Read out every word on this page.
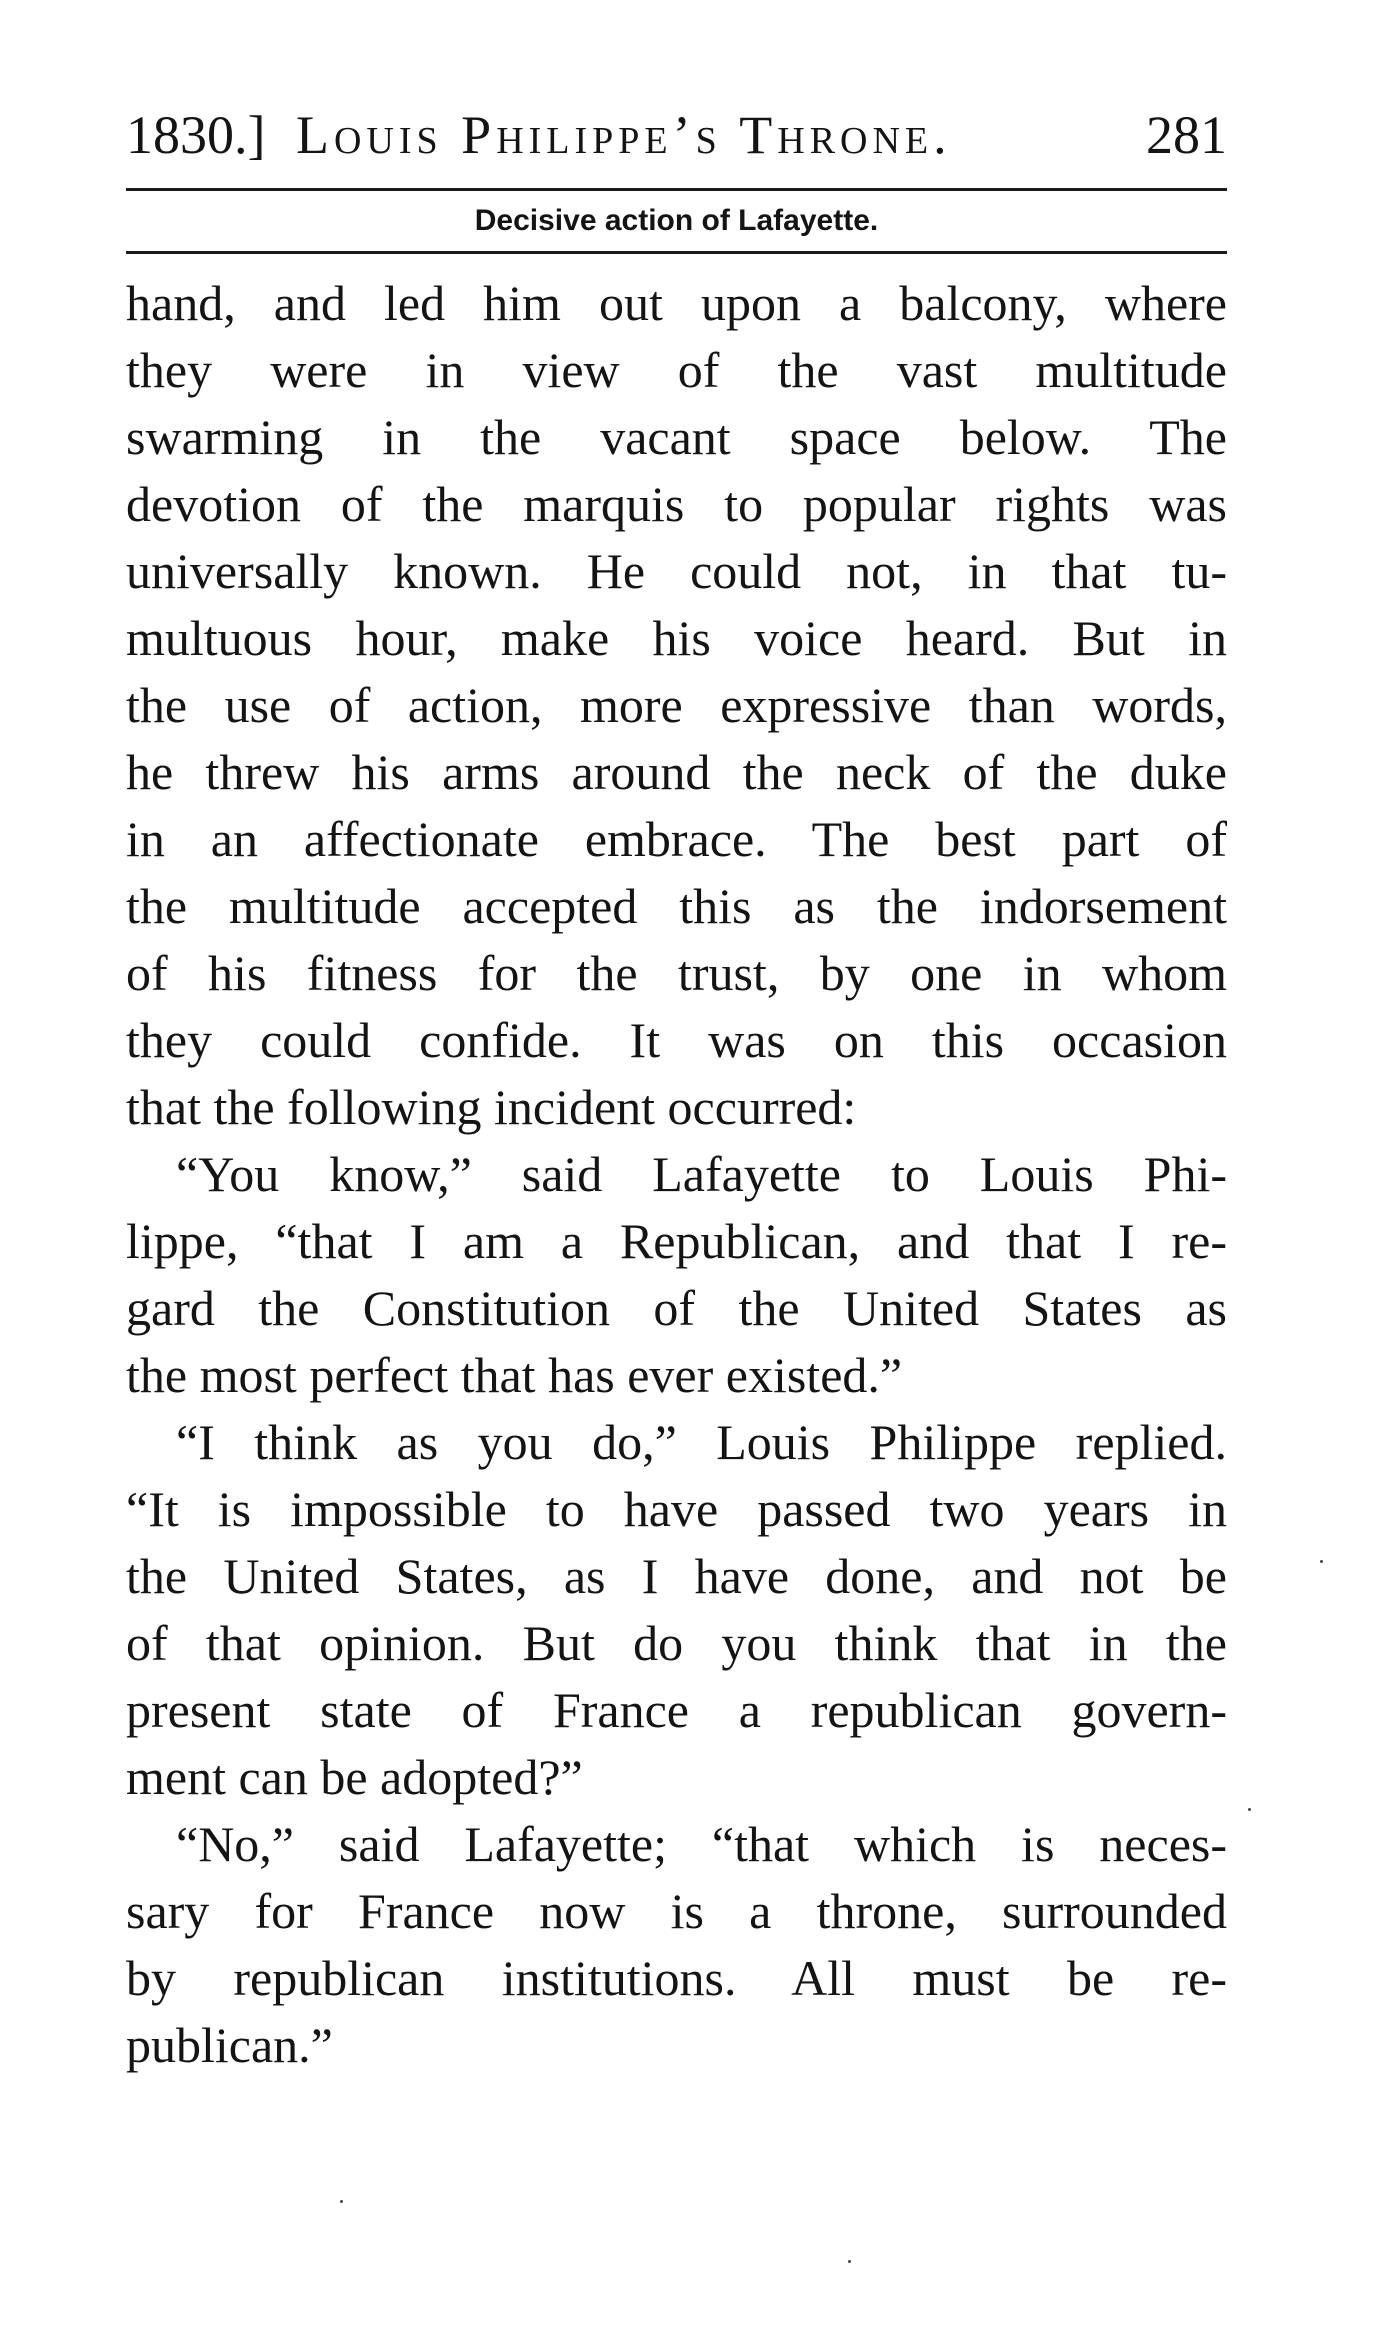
1830.] Louis Philippe’s Throne.	281
Decisive action of Lafayette.
hand, and led him out upon a balcony, where
they were in view of the vast multitude
swarming in the vacant space below. The
devotion of the marquis to popular rights was
universally known. He could not, in that tu-
multuous hour, make his voice heard. But in
the use of action, more expressive than words,
he threw his arms around the neck of the duke
in an affectionate embrace. The best part of
the multitude accepted this as the indorsement
of his fitness for the trust, by one in whom
they could confide. It was on this occasion
that the following incident occurred:
“You know,” said Lafayette to Louis Phi-
lippe, “that I am a Republican, and that I re-
gard the Constitution of the United States as
the most perfect that has ever existed.”
“I think as you do,” Louis Philippe replied.
“It is impossible to have passed two years in
the United States, as I have done, and not be
of that opinion. But do you think that in the
present state of France a republican govern-
ment can be adopted?”
“No,” said Lafayette; “that which is neces-
sary for France now is a throne, surrounded
by republican institutions. All must be re-
publican.”
